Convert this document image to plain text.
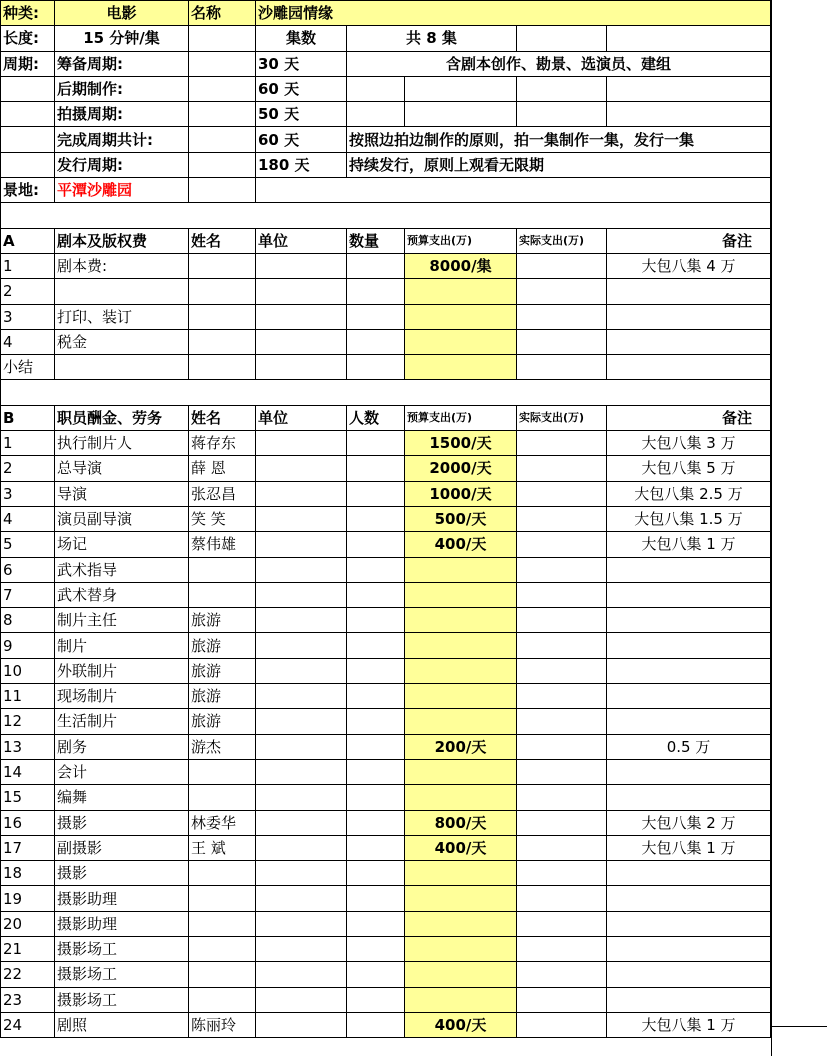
种类:	电影	名称	沙雕园情缘				
长度:	15 分钟/集		集数	共 8 集			
周期:	筹备周期:		30 天	含剧本创作、勘景、选演员、建组			
	后期制作:		60 天				
	拍摄周期:		50 天				
	完成周期共计:		60 天	按照边拍边制作的原则，拍一集制作一集，发行一集			
	发行周期:		180 天	持续发行，原则上观看无限期			
景地:	平潭沙雕园						

A	剧本及版权费	姓名	单位	数量	预算支出(万)	实际支出(万)	备注
1	剧本费:				8000/集		大包八集 4 万
2							
3	打印、装订						
4	税金						
小结							

B	职员酬金、劳务	姓名	单位	人数	预算支出(万)	实际支出(万)	备注
1	执行制片人	蒋存东			1500/天		大包八集 3 万
2	总导演	薛 恩			2000/天		大包八集 5 万
3	导演	张忍昌			1000/天		大包八集 2.5 万
4	演员副导演	笑 笑			500/天		大包八集 1.5 万
5	场记	蔡伟雄			400/天		大包八集 1 万
6	武术指导						
7	武术替身						
8	制片主任	旅游					
9	制片	旅游					
10	外联制片	旅游					
11	现场制片	旅游					
12	生活制片	旅游					
13	剧务	游杰			200/天		0.5 万
14	会计						
15	编舞						
16	摄影	林委华			800/天		大包八集 2 万
17	副摄影	王 斌			400/天		大包八集 1 万
18	摄影						
19	摄影助理						
20	摄影助理						
21	摄影场工						
22	摄影场工						
23	摄影场工						
24	剧照	陈丽玲			400/天		大包八集 1 万
